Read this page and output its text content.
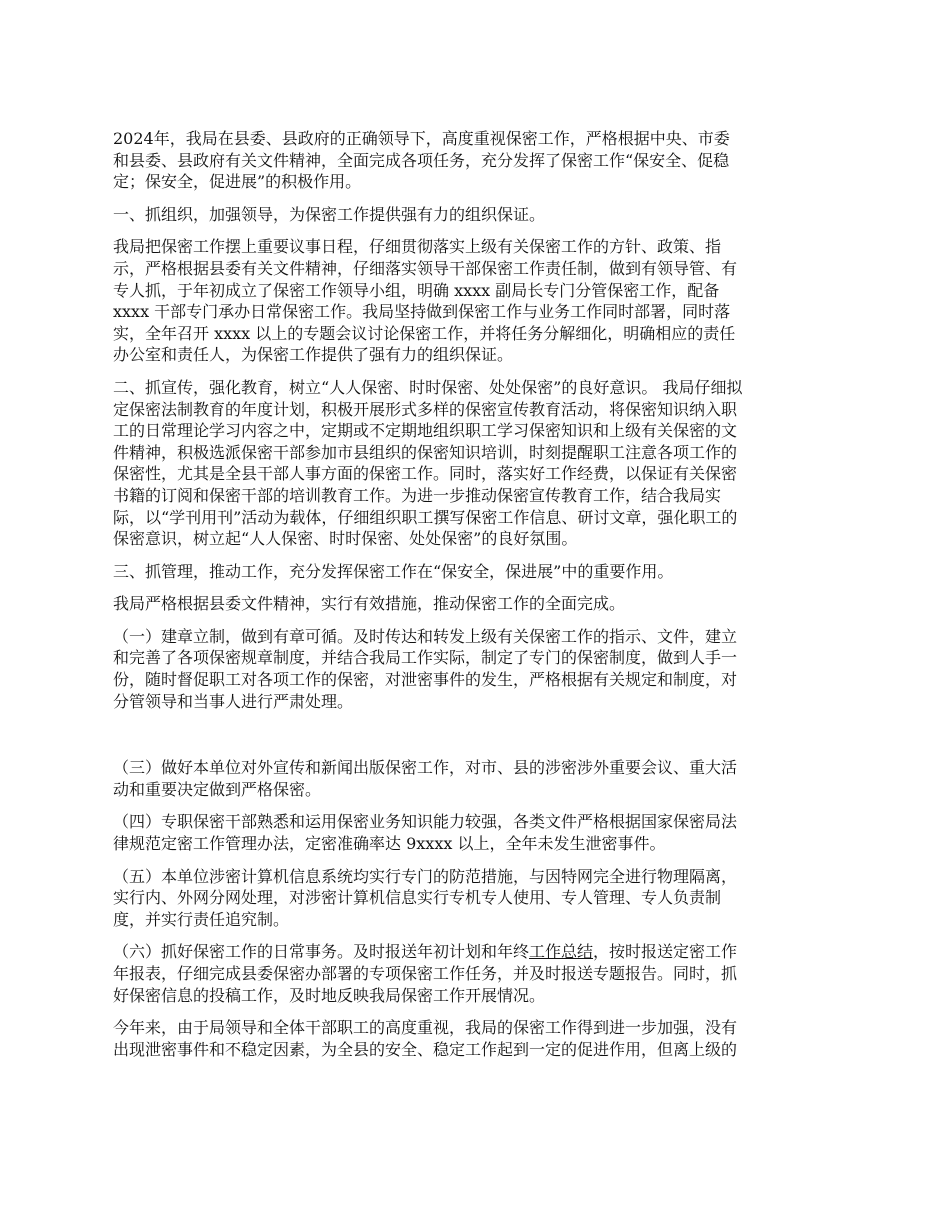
2024年，我局在县委、县政府的正确领导下，高度重视保密工作，严格根据中央、市委
和县委、县政府有关文件精神，全面完成各项任务，充分发挥了保密工作“保安全、促稳
定；保安全，促进展”的积极作用。

一、抓组织，加强领导，为保密工作提供强有力的组织保证。

我局把保密工作摆上重要议事日程，仔细贯彻落实上级有关保密工作的方针、政策、指
示，严格根据县委有关文件精神，仔细落实领导干部保密工作责任制，做到有领导管、有
专人抓，于年初成立了保密工作领导小组，明确 xxxx 副局长专门分管保密工作，配备
xxxx 干部专门承办日常保密工作。我局坚持做到保密工作与业务工作同时部署，同时落
实，全年召开 xxxx 以上的专题会议讨论保密工作，并将任务分解细化，明确相应的责任
办公室和责任人，为保密工作提供了强有力的组织保证。

二、抓宣传，强化教育，树立“人人保密、时时保密、处处保密”的良好意识。 我局仔细拟
定保密法制教育的年度计划，积极开展形式多样的保密宣传教育活动，将保密知识纳入职
工的日常理论学习内容之中，定期或不定期地组织职工学习保密知识和上级有关保密的文
件精神，积极选派保密干部参加市县组织的保密知识培训，时刻提醒职工注意各项工作的
保密性，尤其是全县干部人事方面的保密工作。同时，落实好工作经费，以保证有关保密
书籍的订阅和保密干部的培训教育工作。为进一步推动保密宣传教育工作，结合我局实
际，以“学刊用刊”活动为载体，仔细组织职工撰写保密工作信息、研讨文章，强化职工的
保密意识，树立起“人人保密、时时保密、处处保密”的良好氛围。

三、抓管理，推动工作，充分发挥保密工作在“保安全，保进展”中的重要作用。

我局严格根据县委文件精神，实行有效措施，推动保密工作的全面完成。

（一）建章立制，做到有章可循。及时传达和转发上级有关保密工作的指示、文件，建立
和完善了各项保密规章制度，并结合我局工作实际，制定了专门的保密制度，做到人手一
份，随时督促职工对各项工作的保密，对泄密事件的发生，严格根据有关规定和制度，对
分管领导和当事人进行严肃处理。

（三）做好本单位对外宣传和新闻出版保密工作，对市、县的涉密涉外重要会议、重大活
动和重要决定做到严格保密。

（四）专职保密干部熟悉和运用保密业务知识能力较强，各类文件严格根据国家保密局法
律规范定密工作管理办法，定密准确率达 9xxxx 以上，全年未发生泄密事件。

（五）本单位涉密计算机信息系统均实行专门的防范措施，与因特网完全进行物理隔离，
实行内、外网分网处理，对涉密计算机信息实行专机专人使用、专人管理、专人负责制
度，并实行责任追究制。

（六）抓好保密工作的日常事务。及时报送年初计划和年终工作总结，按时报送定密工作
年报表，仔细完成县委保密办部署的专项保密工作任务，并及时报送专题报告。同时，抓
好保密信息的投稿工作，及时地反映我局保密工作开展情况。

今年来，由于局领导和全体干部职工的高度重视，我局的保密工作得到进一步加强，没有
出现泄密事件和不稳定因素，为全县的安全、稳定工作起到一定的促进作用，但离上级的
